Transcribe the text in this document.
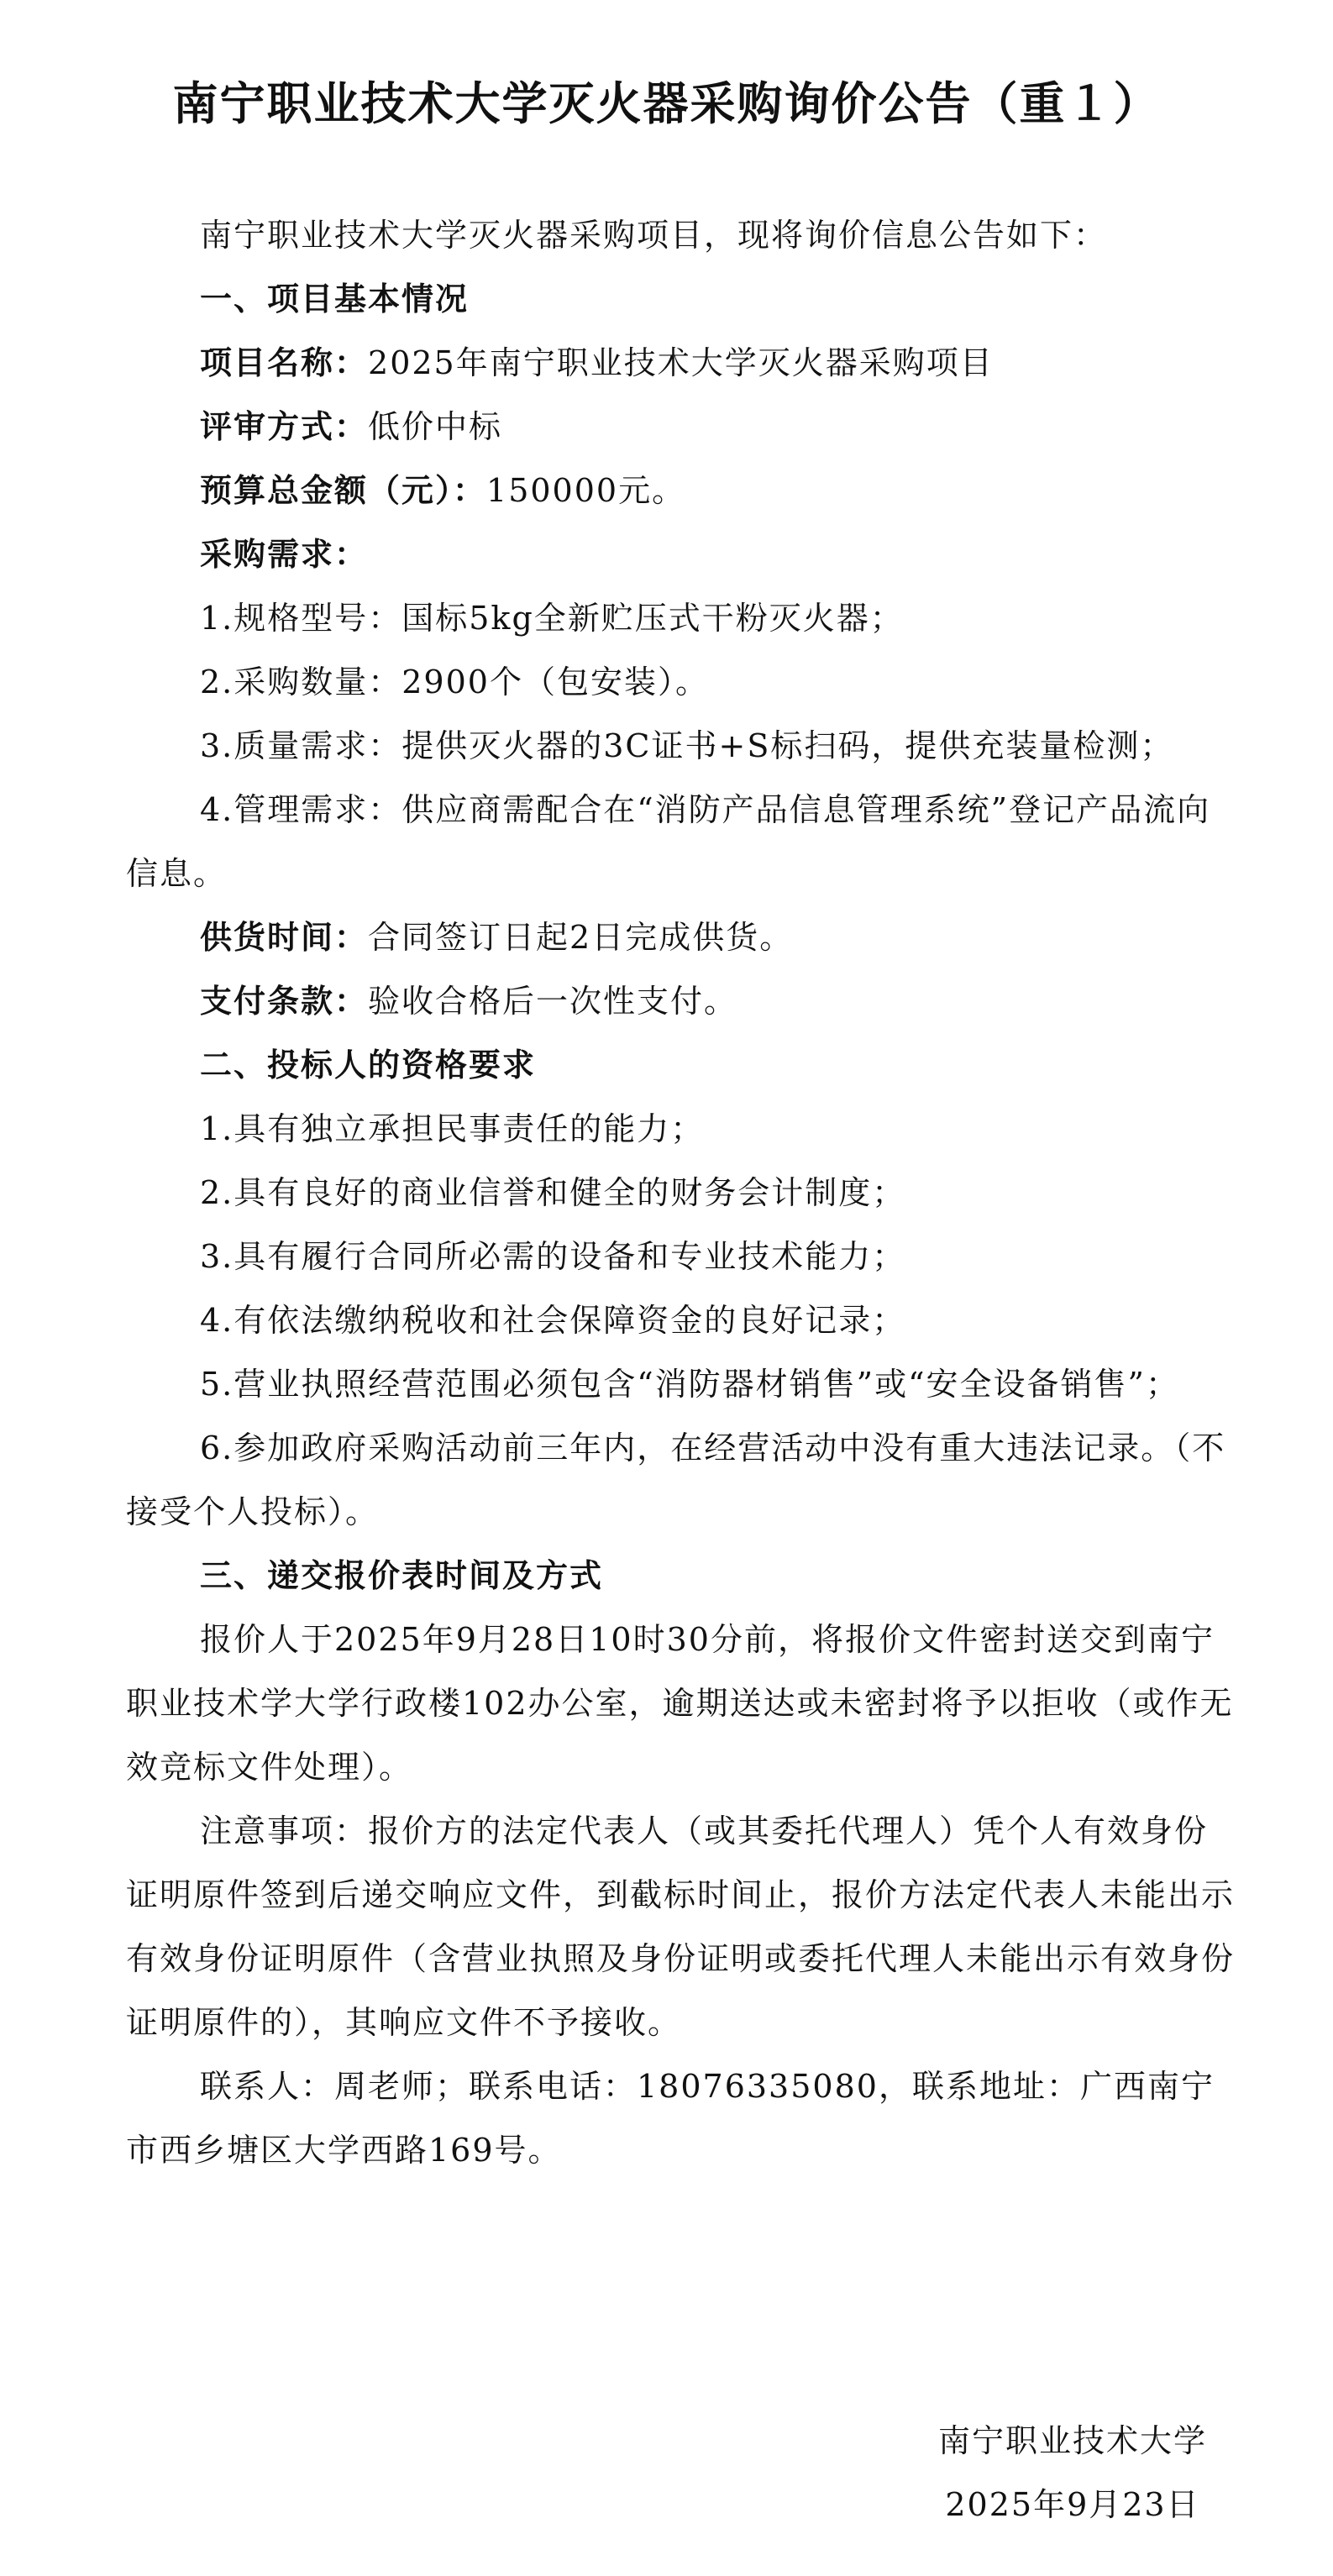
南宁职业技术大学灭火器采购询价公告（重１）

南宁职业技术大学灭火器采购项目，现将询价信息公告如下：

一、项目基本情况

项目名称：2025年南宁职业技术大学灭火器采购项目

评审方式：低价中标

预算总金额（元）：150000元。

采购需求：

1.规格型号：国标5kg全新贮压式干粉灭火器；

2.采购数量：2900个（包安装）。

3.质量需求：提供灭火器的3C证书+S标扫码，提供充装量检测；

4.管理需求：供应商需配合在“消防产品信息管理系统”登记产品流向信息。

供货时间：合同签订日起2日完成供货。

支付条款：验收合格后一次性支付。

二、投标人的资格要求

1.具有独立承担民事责任的能力；

2.具有良好的商业信誉和健全的财务会计制度；

3.具有履行合同所必需的设备和专业技术能力；

4.有依法缴纳税收和社会保障资金的良好记录；

5.营业执照经营范围必须包含“消防器材销售”或“安全设备销售”；

6.参加政府采购活动前三年内，在经营活动中没有重大违法记录。（不接受个人投标）。

三、递交报价表时间及方式

报价人于2025年9月28日10时30分前，将报价文件密封送交到南宁职业技术学大学行政楼102办公室，逾期送达或未密封将予以拒收（或作无效竞标文件处理）。

注意事项：报价方的法定代表人（或其委托代理人）凭个人有效身份证明原件签到后递交响应文件，到截标时间止，报价方法定代表人未能出示有效身份证明原件（含营业执照及身份证明或委托代理人未能出示有效身份证明原件的），其响应文件不予接收。

联系人：周老师；联系电话：18076335080，联系地址：广西南宁市西乡塘区大学西路169号。

南宁职业技术大学
2025年9月23日
